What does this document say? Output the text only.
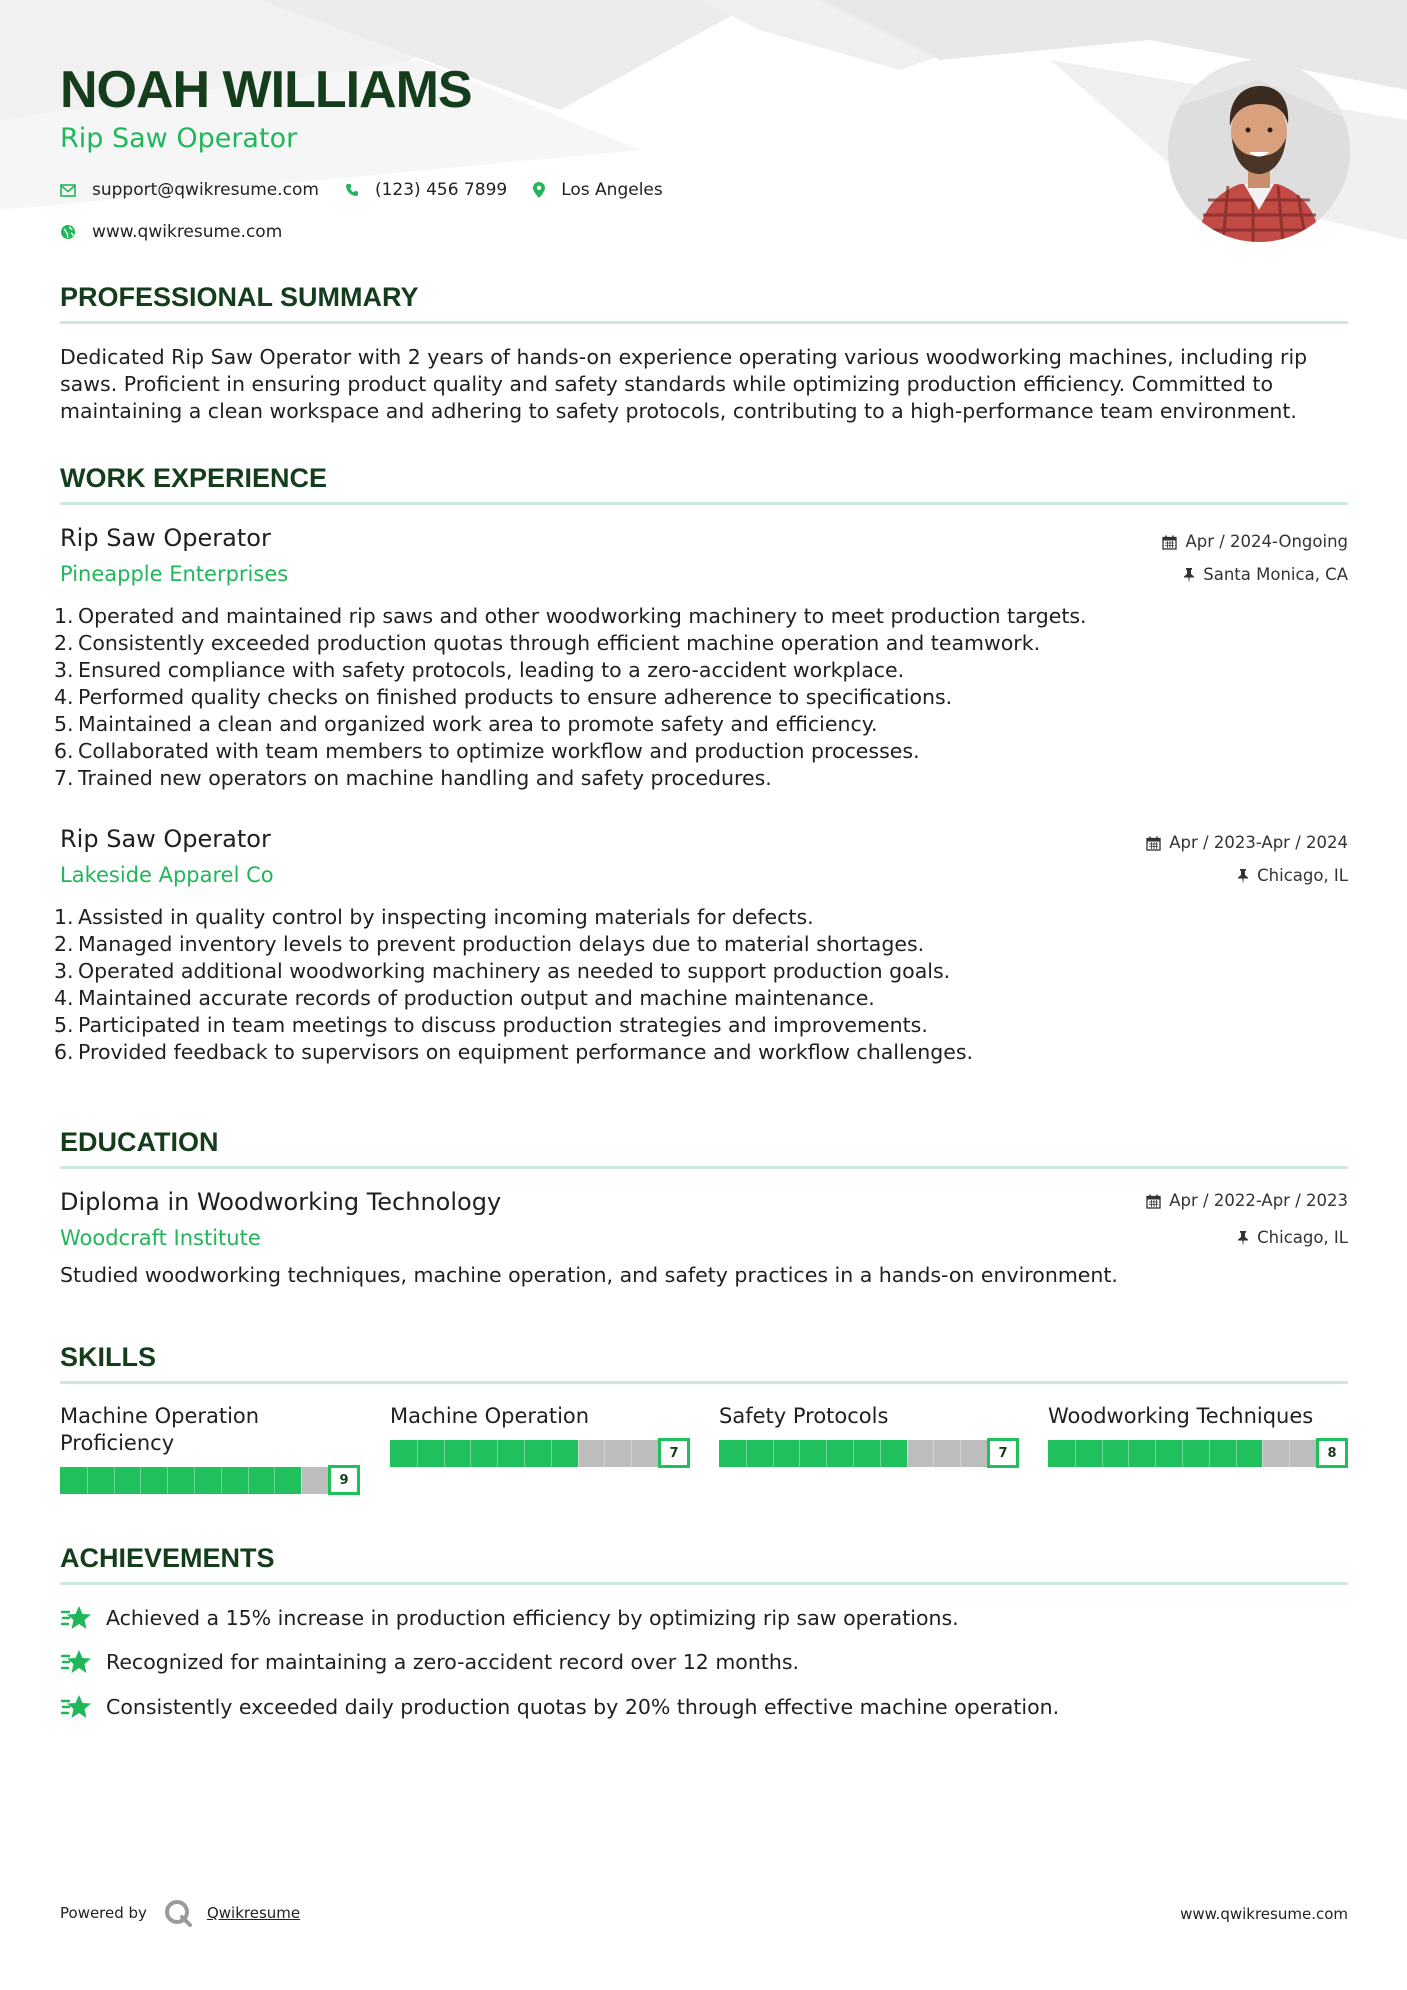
NOAH WILLIAMS
Rip Saw Operator
support@qwikresume.com	(123) 456 7899	Los Angeles
www.qwikresume.com
PROFESSIONAL SUMMARY
Dedicated Rip Saw Operator with 2 years of hands-on experience operating various woodworking machines, including rip saws. Proficient in ensuring product quality and safety standards while optimizing production efficiency. Committed to maintaining a clean workspace and adhering to safety protocols, contributing to a high-performance team environment.
WORK EXPERIENCE
Rip Saw Operator
Pineapple Enterprises
Apr / 2024-Ongoing
Santa Monica, CA
1. Operated and maintained rip saws and other woodworking machinery to meet production targets.
2. Consistently exceeded production quotas through efficient machine operation and teamwork.
3. Ensured compliance with safety protocols, leading to a zero-accident workplace.
4. Performed quality checks on finished products to ensure adherence to specifications.
5. Maintained a clean and organized work area to promote safety and efficiency.
6. Collaborated with team members to optimize workflow and production processes.
7. Trained new operators on machine handling and safety procedures.
Rip Saw Operator
Lakeside Apparel Co
Apr / 2023-Apr / 2024
Chicago, IL
1. Assisted in quality control by inspecting incoming materials for defects.
2. Managed inventory levels to prevent production delays due to material shortages.
3. Operated additional woodworking machinery as needed to support production goals.
4. Maintained accurate records of production output and machine maintenance.
5. Participated in team meetings to discuss production strategies and improvements.
6. Provided feedback to supervisors on equipment performance and workflow challenges.
EDUCATION
Diploma in Woodworking Technology
Woodcraft Institute
Apr / 2022-Apr / 2023
Chicago, IL
Studied woodworking techniques, machine operation, and safety practices in a hands-on environment.
SKILLS
Machine Operation Proficiency
9
Machine Operation
7
Safety Protocols
7
Woodworking Techniques
8
ACHIEVEMENTS
Achieved a 15% increase in production efficiency by optimizing rip saw operations.
Recognized for maintaining a zero-accident record over 12 months.
Consistently exceeded daily production quotas by 20% through effective machine operation.
Powered by	Qwikresume	www.qwikresume.com
